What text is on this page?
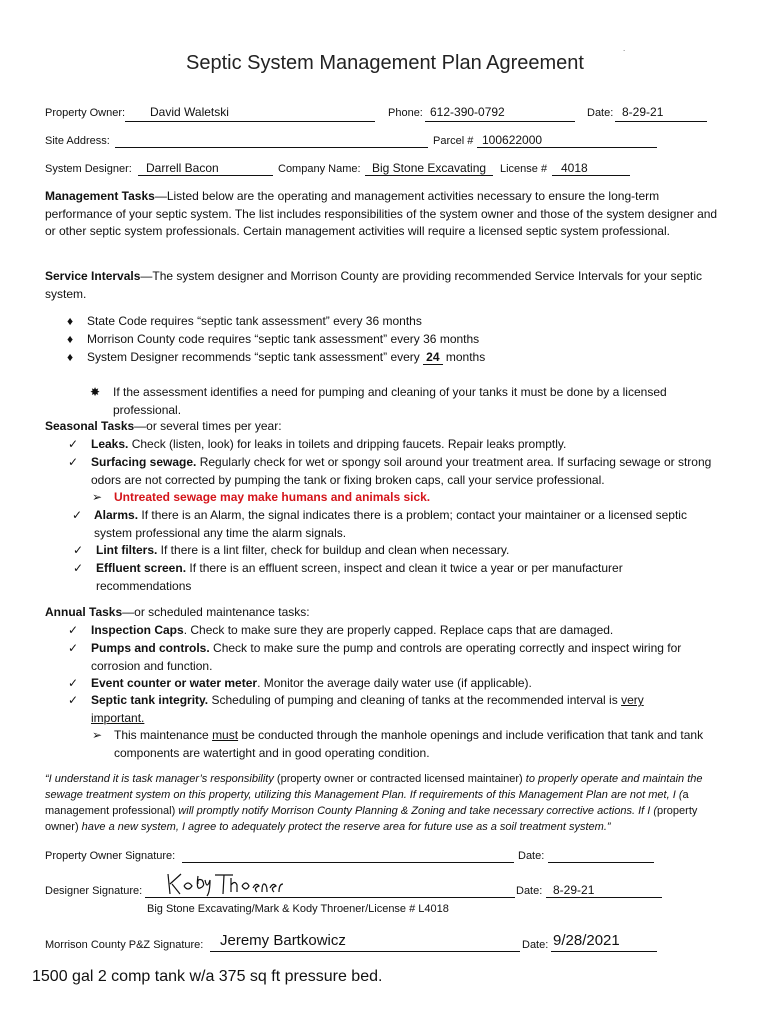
Septic System Management Plan Agreement
.
Property Owner: David Waletski	Phone: 612-390-0792	Date: 8-29-21
Site Address:	Parcel # 100622000
System Designer: Darrell Bacon	Company Name: Big Stone Excavating License # 4018
Management Tasks—Listed below are the operating and management activities necessary to ensure the long-term performance of your septic system. The list includes responsibilities of the system owner and those of the system designer and or other septic system professionals. Certain management activities will require a licensed septic system professional.
Service Intervals—The system designer and Morrison County are providing recommended Service Intervals for your septic system.
♦ State Code requires “septic tank assessment” every 36 months
♦ Morrison County code requires “septic tank assessment” every 36 months
♦ System Designer recommends “septic tank assessment” every 24 months
✸ If the assessment identifies a need for pumping and cleaning of your tanks it must be done by a licensed professional.
Seasonal Tasks—or several times per year:
✓ Leaks. Check (listen, look) for leaks in toilets and dripping faucets. Repair leaks promptly.
✓ Surfacing sewage. Regularly check for wet or spongy soil around your treatment area. If surfacing sewage or strong odors are not corrected by pumping the tank or fixing broken caps, call your service professional.
➢ Untreated sewage may make humans and animals sick.
✓ Alarms. If there is an Alarm, the signal indicates there is a problem; contact your maintainer or a licensed septic system professional any time the alarm signals.
✓ Lint filters. If there is a lint filter, check for buildup and clean when necessary.
✓ Effluent screen. If there is an effluent screen, inspect and clean it twice a year or per manufacturer recommendations
Annual Tasks—or scheduled maintenance tasks:
✓ Inspection Caps. Check to make sure they are properly capped. Replace caps that are damaged.
✓ Pumps and controls. Check to make sure the pump and controls are operating correctly and inspect wiring for corrosion and function.
✓ Event counter or water meter. Monitor the average daily water use (if applicable).
✓ Septic tank integrity. Scheduling of pumping and cleaning of tanks at the recommended interval is very important.
➢ This maintenance must be conducted through the manhole openings and include verification that tank and tank components are watertight and in good operating condition.
“I understand it is task manager’s responsibility (property owner or contracted licensed maintainer) to properly operate and maintain the sewage treatment system on this property, utilizing this Management Plan. If requirements of this Management Plan are not met, I (a management professional) will promptly notify Morrison County Planning & Zoning and take necessary corrective actions. If I (property owner) have a new system, I agree to adequately protect the reserve area for future use as a soil treatment system.”
Property Owner Signature:	Date:
Designer Signature:	Date: 8-29-21
Big Stone Excavating/Mark & Kody Throener/License # L4018
Morrison County P&Z Signature: Jeremy Bartkowicz	Date: 9/28/2021
1500 gal 2 comp tank w/a 375 sq ft pressure bed.
